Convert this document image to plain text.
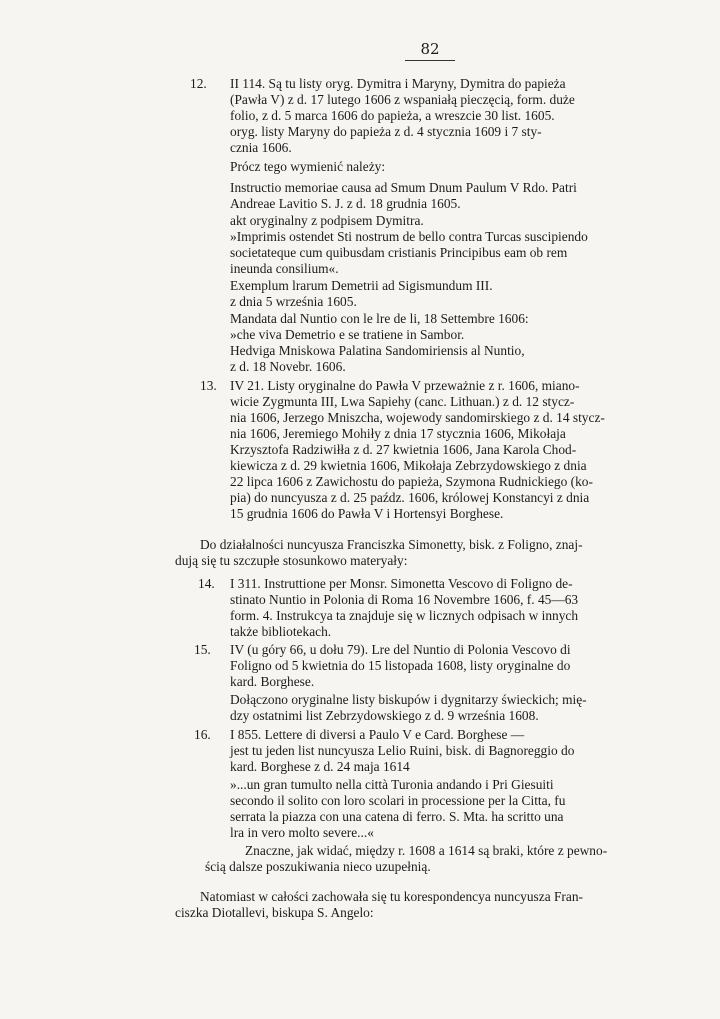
82
12.
13.
14.
15.
16.
II 114. Są tu listy oryg. Dymitra i Maryny, Dymitra do papieża
(Pawła V) z d. 17 lutego 1606 z wspaniałą pieczęcią, form. duże
folio, z d. 5 marca 1606 do papieża, a wreszcie 30 list. 1605.
oryg. listy Maryny do papieża z d. 4 stycznia 1609 i 7 sty-
cznia 1606.
Prócz tego wymienić należy:
Instructio memoriae causa ad Smum Dnum Paulum V Rdo. Patri
Andreae Lavitio S. J. z d. 18 grudnia 1605.
akt oryginalny z podpisem Dymitra.
»Imprimis ostendet Sti nostrum de bello contra Turcas suscipiendo
societateque cum quibusdam cristianis Principibus eam ob rem
ineunda consilium«.
Exemplum lrarum Demetrii ad Sigismundum III.
z dnia 5 września 1605.
Mandata dal Nuntio con le lre de li, 18 Settembre 1606:
»che viva Demetrio e se tratiene in Sambor.
Hedviga Mniskowa Palatina Sandomiriensis al Nuntio,
z d. 18 Novebr. 1606.
IV 21. Listy oryginalne do Pawła V przeważnie z r. 1606, miano-
wicie Zygmunta III, Lwa Sapiehy (canc. Lithuan.) z d. 12 stycz-
nia 1606, Jerzego Mniszcha, wojewody sandomirskiego z d. 14 stycz-
nia 1606, Jeremiego Mohiły z dnia 17 stycznia 1606, Mikołaja
Krzysztofa Radziwiłła z d. 27 kwietnia 1606, Jana Karola Chod-
kiewicza z d. 29 kwietnia 1606, Mikołaja Zebrzydowskiego z dnia
22 lipca 1606 z Zawichostu do papieża, Szymona Rudnickiego (ko-
pia) do nuncyusza z d. 25 paźdz. 1606, królowej Konstancyi z dnia
15 grudnia 1606 do Pawła V i Hortensyi Borghese.
Do działalności nuncyusza Franciszka Simonetty, bisk. z Foligno, znaj-
dują się tu szczupłe stosunkowo materyały:
I 311. Instruttione per Monsr. Simonetta Vescovo di Foligno de-
stinato Nuntio in Polonia di Roma 16 Novembre 1606, f. 45—63
form. 4. Instrukcya ta znajduje się w licznych odpisach w innych
także bibliotekach.
IV (u góry 66, u dołu 79). Lre del Nuntio di Polonia Vescovo di
Foligno od 5 kwietnia do 15 listopada 1608, listy oryginalne do
kard. Borghese.
Dołączono oryginalne listy biskupów i dygnitarzy świeckich; mię-
dzy ostatnimi list Zebrzydowskiego z d. 9 września 1608.
I 855. Lettere di diversi a Paulo V e Card. Borghese —
jest tu jeden list nuncyusza Lelio Ruini, bisk. di Bagnoreggio do
kard. Borghese z d. 24 maja 1614
»...un gran tumulto nella città Turonia andando i Pri Giesuiti
secondo il solito con loro scolari in processione per la Citta, fu
serrata la piazza con una catena di ferro. S. Mta. ha scritto una
lra in vero molto severe...«
Znaczne, jak widać, między r. 1608 a 1614 są braki, które z pewno-
ścią dalsze poszukiwania nieco uzupełnią.
Natomiast w całości zachowała się tu korespondencya nuncyusza Fran-
ciszka Diotallevi, biskupa S. Angelo:
